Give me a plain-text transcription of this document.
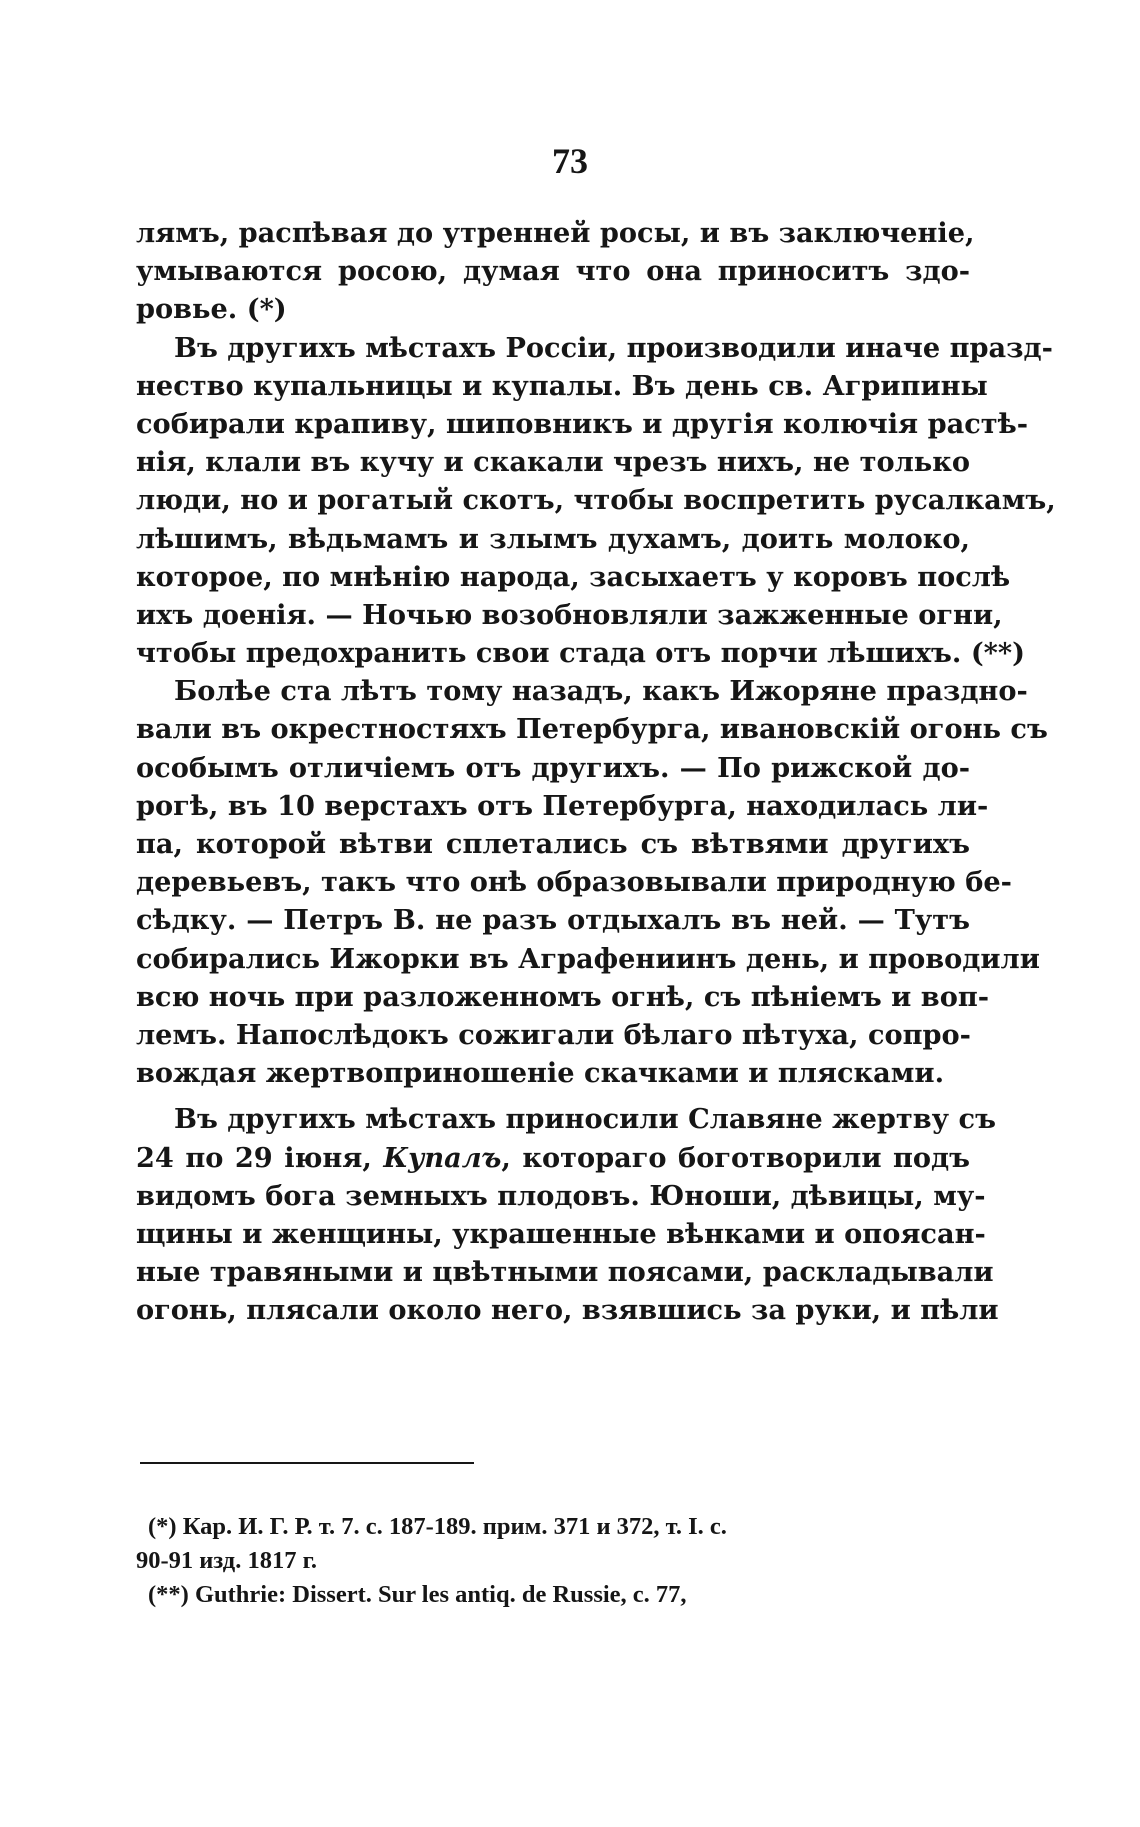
73
лямъ, распѣвая до утренней росы, и въ заключеніе,
умываются росою, думая что она приноситъ здо-
ровье. (*)
Въ другихъ мѣстахъ Россіи, производили иначе празд-
нество купальницы и купалы. Въ день св. Агрипины
собирали крапиву, шиповникъ и другія колючія растѣ-
нія, клали въ кучу и скакали чрезъ нихъ, не только
люди, но и рогатый скотъ, чтобы воспретить русалкамъ,
лѣшимъ, вѣдьмамъ и злымъ духамъ, доить молоко,
которое, по мнѣнію народа, засыхаетъ у коровъ послѣ
ихъ доенія. — Ночью возобновляли зажженные огни,
чтобы предохранить свои стада отъ порчи лѣшихъ. (**)
Болѣе ста лѣтъ тому назадъ, какъ Ижоряне праздно-
вали въ окрестностяхъ Петербурга, ивановскій огонь съ
особымъ отличіемъ отъ другихъ. — По рижской до-
рогѣ, въ 10 верстахъ отъ Петербурга, находилась ли-
па, которой вѣтви сплетались съ вѣтвями другихъ
деревьевъ, такъ что онѣ образовывали природную бе-
сѣдку. — Петръ В. не разъ отдыхалъ въ ней. — Тутъ
собирались Ижорки въ Аграфениинъ день, и проводили
всю ночь при разложенномъ огнѣ, съ пѣніемъ и воп-
лемъ. Напослѣдокъ сожигали бѣлаго пѣтуха, сопро-
вождая жертвоприношеніе скачками и плясками.
Въ другихъ мѣстахъ приносили Славяне жертву съ
24 по 29 іюня, Купалъ, котораго боготворили подъ
видомъ бога земныхъ плодовъ. Юноши, дѣвицы, му-
щины и женщины, украшенные вѣнками и опоясан-
ные травяными и цвѣтными поясами, раскладывали
огонь, плясали около него, взявшись за руки, и пѣли
(*) Кар. И. Г. Р. т. 7. с. 187-189. прим. 371 и 372, т. I. с.
90-91 изд. 1817 г.
(**) Guthrie: Dissert. Sur les antiq. de Russie, c. 77,
